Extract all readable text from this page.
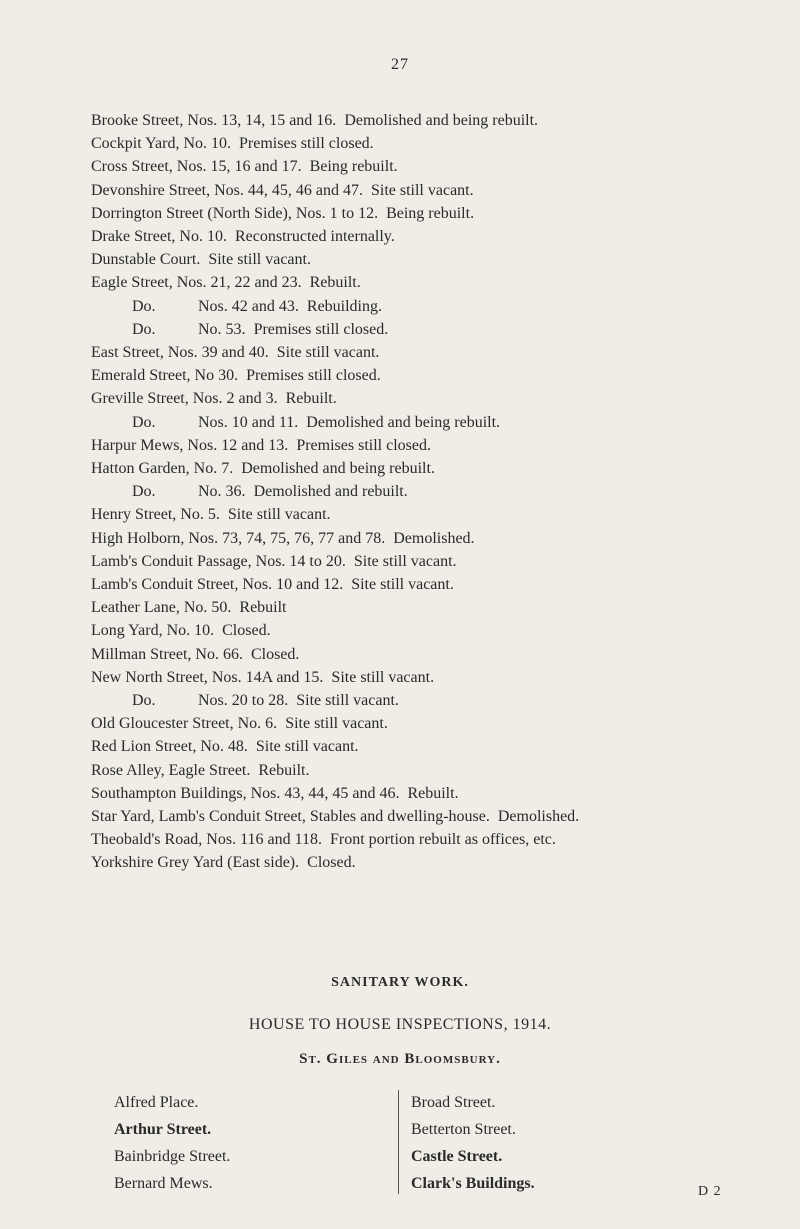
27
Brooke Street, Nos. 13, 14, 15 and 16. Demolished and being rebuilt.
Cockpit Yard, No. 10. Premises still closed.
Cross Street, Nos. 15, 16 and 17. Being rebuilt.
Devonshire Street, Nos. 44, 45, 46 and 47. Site still vacant.
Dorrington Street (North Side), Nos. 1 to 12. Being rebuilt.
Drake Street, No. 10. Reconstructed internally.
Dunstable Court. Site still vacant.
Eagle Street, Nos. 21, 22 and 23. Rebuilt.
Do.	Nos. 42 and 43. Rebuilding.
Do.	No. 53. Premises still closed.
East Street, Nos. 39 and 40. Site still vacant.
Emerald Street, No 30. Premises still closed.
Greville Street, Nos. 2 and 3. Rebuilt.
Do.	Nos. 10 and 11. Demolished and being rebuilt.
Harpur Mews, Nos. 12 and 13. Premises still closed.
Hatton Garden, No. 7. Demolished and being rebuilt.
Do.	No. 36. Demolished and rebuilt.
Henry Street, No. 5. Site still vacant.
High Holborn, Nos. 73, 74, 75, 76, 77 and 78. Demolished.
Lamb's Conduit Passage, Nos. 14 to 20. Site still vacant.
Lamb's Conduit Street, Nos. 10 and 12. Site still vacant.
Leather Lane, No. 50. Rebuilt
Long Yard, No. 10. Closed.
Millman Street, No. 66. Closed.
New North Street, Nos. 14A and 15. Site still vacant.
Do.	Nos. 20 to 28. Site still vacant.
Old Gloucester Street, No. 6. Site still vacant.
Red Lion Street, No. 48. Site still vacant.
Rose Alley, Eagle Street. Rebuilt.
Southampton Buildings, Nos. 43, 44, 45 and 46. Rebuilt.
Star Yard, Lamb's Conduit Street, Stables and dwelling-house. Demolished.
Theobald's Road, Nos. 116 and 118. Front portion rebuilt as offices, etc.
Yorkshire Grey Yard (East side). Closed.
SANITARY WORK.
HOUSE TO HOUSE INSPECTIONS, 1914.
St. Giles and Bloomsbury.
Alfred Place.
Arthur Street.
Bainbridge Street.
Bernard Mews.
Broad Street.
Betterton Street.
Castle Street.
Clark's Buildings.	D 2
